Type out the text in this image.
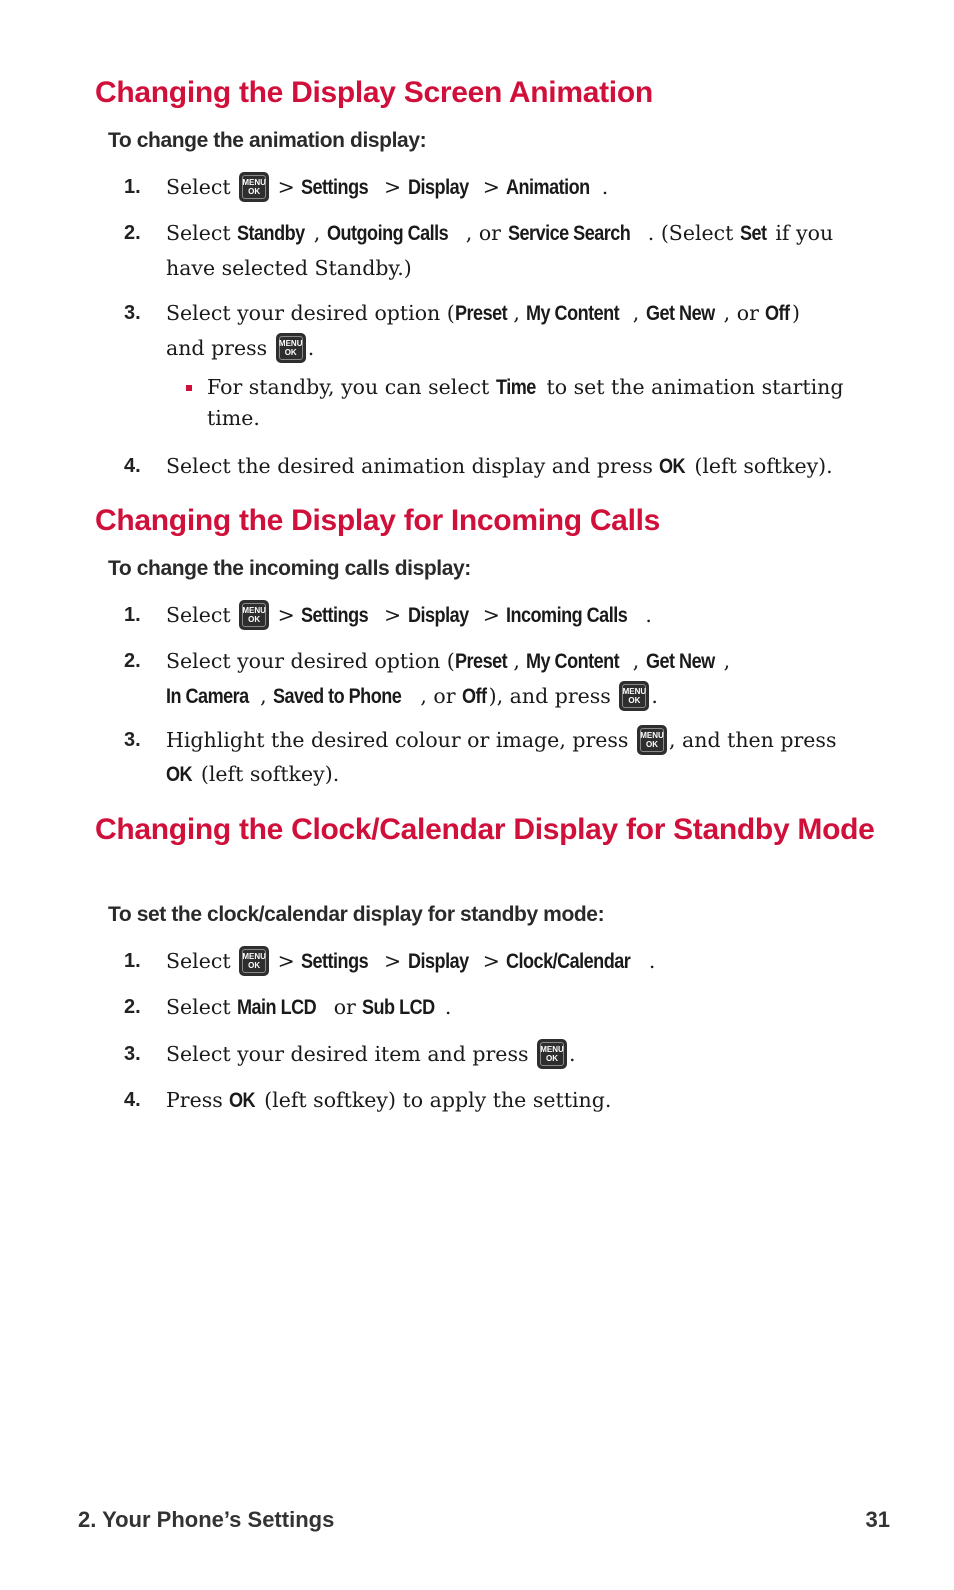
Changing the Display Screen Animation

To change the animation display:

1. Select	MENU
OK > Settings > Display > Animation .
2. Select Standby , Outgoing Calls , or Service Search . (Select Set if you have selected Standby.)
3. Select your desired option (Preset , My Content , Get New , or Off)
and press	MENU
OK .
For standby, you can select Time to set the animation starting time.
4. Select the desired animation display and press OK (left softkey).
Changing the Display for Incoming Calls

To change the incoming calls display:

1. Select	MENU
OK > Settings > Display > Incoming Calls .
2. Select your desired option (Preset , My Content , Get New ,
In Camera , Saved to Phone , or Off), and press	MENU
OK .
3. Highlight the desired colour or image, press	MENU
OK , and then press
OK (left softkey).
Changing the Clock/Calendar Display for Standby Mode

To set the clock/calendar display for standby mode:

1. Select	MENU
OK > Settings > Display > Clock/Calendar .
2. Select Main LCD or Sub LCD .
3. Select your desired item and press	MENU
OK .
4. Press OK (left softkey) to apply the setting.
2. Your Phone’s Settings	31
